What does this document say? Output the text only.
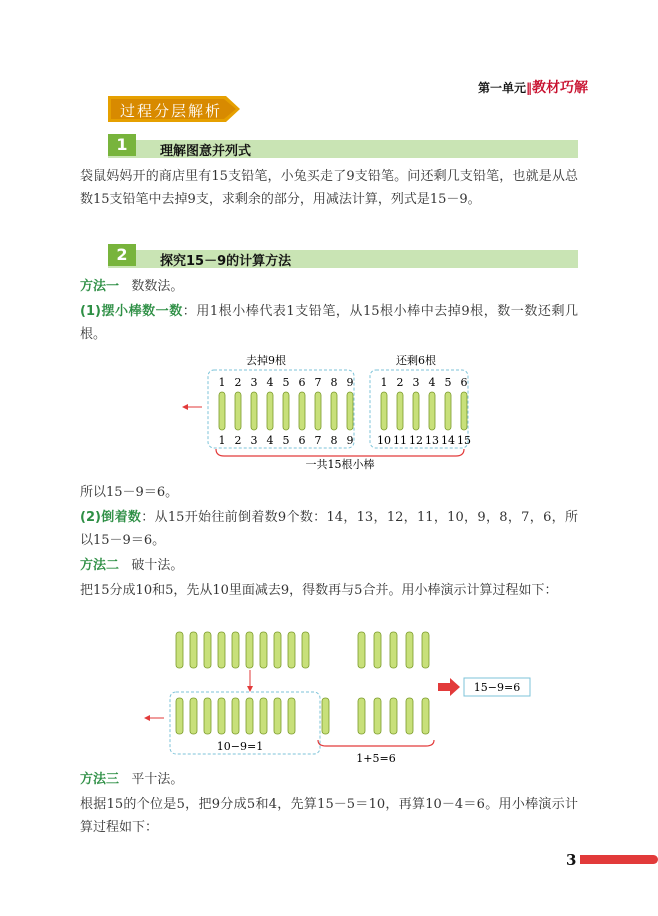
第一单元‖教材巧解
过程分层解析
1	理解图意并列式
袋鼠妈妈开的商店里有15支铅笔，小兔买走了9支铅笔。问还剩几支铅笔，也就是从总数15支铅笔中去掉9支，求剩余的部分，用减法计算，列式是15－9。
2	探究15－9的计算方法
方法一 数数法。
(1)摆小棒数一数：用1根小棒代表1支铅笔，从15根小棒中去掉9根，数一数还剩几根。
去掉9根	还剩6根
1 2 3 4 5 6 7 8 9 1 2 3 4 5 6
1 2 3 4 5 6 7 8 9 10 11 12 13 14 15
一共15根小棒
所以15－9＝6。
(2)倒着数：从15开始往前倒着数9个数：14，13，12，11，10，9，8，7，6，所以15－9＝6。
方法二 破十法。
把15分成10和5，先从10里面减去9，得数再与5合并。用小棒演示计算过程如下：
15−9=6
10−9=1
1+5=6
方法三 平十法。
根据15的个位是5，把9分成5和4，先算15－5＝10，再算10－4＝6。用小棒演示计算过程如下：
3
